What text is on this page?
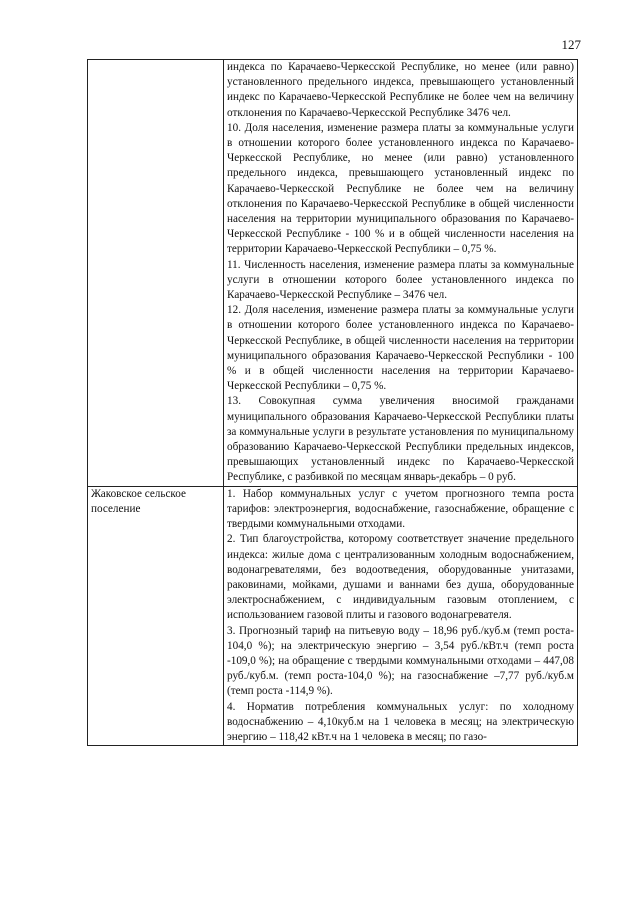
127

	индекса по Карачаево-Черкесской Республике, но менее (или равно) установленного предельного индекса, превышающего установленный индекс по Карачаево-Черкесской Республике не более чем на величину отклонения по Карачаево-Черкесской Республике 3476 чел.

10. Доля населения, изменение размера платы за коммунальные услуги в отношении которого более установленного индекса по Карачаево-Черкесской Республике, но менее (или равно) установленного предельного индекса, превышающего установленный индекс по Карачаево-Черкесской Республике не более чем на величину отклонения по Карачаево-Черкесской Республике в общей численности населения на территории муниципального образования по Карачаево-Черкесской Республике - 100 % и в общей численности населения на территории Карачаево-Черкесской Республики – 0,75 %.

11. Численность населения, изменение размера платы за коммунальные услуги в отношении которого более установленного индекса по Карачаево-Черкесской Республике – 3476 чел.

12. Доля населения, изменение размера платы за коммунальные услуги в отношении которого более установленного индекса по Карачаево-Черкесской Республике, в общей численности населения на территории муниципального образования Карачаево-Черкесской Республики - 100 % и в общей численности населения на территории Карачаево-Черкесской Республики – 0,75 %.

13. Совокупная сумма увеличения вносимой гражданами муниципального образования Карачаево-Черкесской Республики платы за коммунальные услуги в результате установления по муниципальному образованию Карачаево-Черкесской Республики предельных индексов, превышающих установленный индекс по Карачаево-Черкесской Республике, с разбивкой по месяцам январь-декабрь – 0 руб.

Жаковское сельское поселение	1. Набор коммунальных услуг с учетом прогнозного темпа роста тарифов: электроэнергия, водоснабжение, газоснабжение, обращение с твердыми коммунальными отходами.

2. Тип благоустройства, которому соответствует значение предельного индекса: жилые дома с централизованным холодным водоснабжением, водонагревателями, без водоотведения, оборудованные унитазами, раковинами, мойками, душами и ваннами без душа, оборудованные электроснабжением, с индивидуальным газовым отоплением, с использованием газовой плиты и газового водонагревателя.

3. Прогнозный тариф на питьевую воду – 18,96 руб./куб.м (темп роста- 104,0 %); на электрическую энергию – 3,54 руб./кВт.ч (темп роста -109,0 %); на обращение с твердыми коммунальными отходами – 447,08 руб./куб.м. (темп роста-104,0 %); на газоснабжение –7,77 руб./куб.м (темп роста -114,9 %).

4. Норматив потребления коммунальных услуг: по холодному водоснабжению – 4,10куб.м на 1 человека в месяц; на электрическую энергию – 118,42 кВт.ч на 1 человека в месяц; по газо-
